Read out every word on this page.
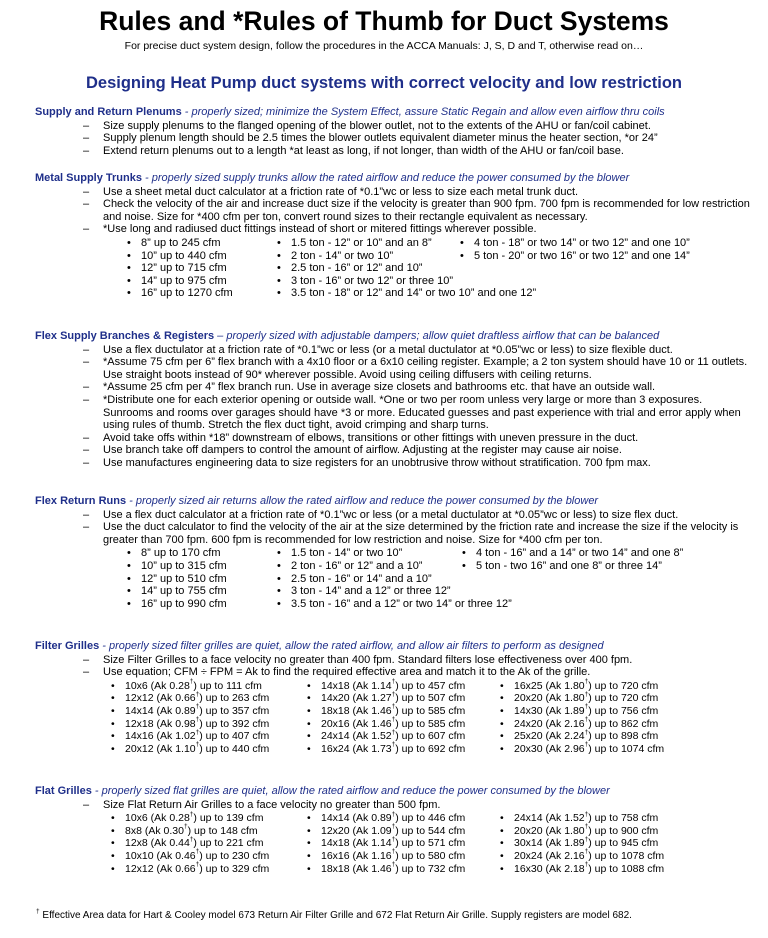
Rules and *Rules of Thumb for Duct Systems
For precise duct system design, follow the procedures in the ACCA Manuals: J, S, D and T, otherwise read on…
Designing Heat Pump duct systems with correct velocity and low restriction
Supply and Return Plenums - properly sized; minimize the System Effect, assure Static Regain and allow even airflow thru coils
– Size supply plenums to the flanged opening of the blower outlet, not to the extents of the AHU or fan/coil cabinet.
– Supply plenum length should be 2.5 times the blower outlets equivalent diameter minus the heater section, *or 24”
– Extend return plenums out to a length *at least as long, if not longer, than width of the AHU or fan/coil base.
Metal Supply Trunks - properly sized supply trunks allow the rated airflow and reduce the power consumed by the blower
– Use a sheet metal duct calculator at a friction rate of *0.1”wc or less to size each metal trunk duct.
– Check the velocity of the air and increase duct size if the velocity is greater than 900 fpm. 700 fpm is recommended for low restriction and noise. Size for *400 cfm per ton, convert round sizes to their rectangle equivalent as necessary.
– *Use long and radiused duct fittings instead of short or mitered fittings wherever possible.
• 8” up to 245 cfm
• 10” up to 440 cfm
• 12” up to 715 cfm
• 14” up to 975 cfm
• 16” up to 1270 cfm
• 1.5 ton - 12” or 10” and an 8”
• 2 ton - 14” or two 10”
• 2.5 ton - 16” or 12” and 10”
• 3 ton - 16” or two 12” or three 10”
• 3.5 ton - 18” or 12” and 14” or two 10” and one 12”
• 4 ton - 18” or two 14” or two 12” and one 10”
• 5 ton - 20” or two 16” or two 12” and one 14”
Flex Supply Branches & Registers – properly sized with adjustable dampers; allow quiet draftless airflow that can be balanced
– Use a flex ductulator at a friction rate of *0.1”wc or less (or a metal ductulator at *0.05”wc or less) to size flexible duct.
– *Assume 75 cfm per 6” flex branch with a 4x10 floor or a 6x10 ceiling register. Example; a 2 ton system should have 10 or 11 outlets. Use straight boots instead of 90* wherever possible. Avoid using ceiling diffusers with ceiling returns.
– *Assume 25 cfm per 4” flex branch run. Use in average size closets and bathrooms etc. that have an outside wall.
– *Distribute one for each exterior opening or outside wall. *One or two per room unless very large or more than 3 exposures. Sunrooms and rooms over garages should have *3 or more. Educated guesses and past experience with trial and error apply when using rules of thumb. Stretch the flex duct tight, avoid crimping and sharp turns.
– Avoid take offs within *18” downstream of elbows, transitions or other fittings with uneven pressure in the duct.
– Use branch take off dampers to control the amount of airflow. Adjusting at the register may cause air noise.
– Use manufactures engineering data to size registers for an unobtrusive throw without stratification. 700 fpm max.
Flex Return Runs - properly sized air returns allow the rated airflow and reduce the power consumed by the blower
– Use a flex duct calculator at a friction rate of *0.1”wc or less (or a metal ductulator at *0.05”wc or less) to size flex duct.
– Use the duct calculator to find the velocity of the air at the size determined by the friction rate and increase the size if the velocity is greater than 700 fpm. 600 fpm is recommended for low restriction and noise. Size for *400 cfm per ton.
• 8” up to 170 cfm
• 10” up to 315 cfm
• 12” up to 510 cfm
• 14” up to 755 cfm
• 16” up to 990 cfm
• 1.5 ton - 14” or two 10”
• 2 ton - 16” or 12” and a 10”
• 2.5 ton - 16” or 14” and a 10”
• 3 ton - 14” and a 12” or three 12”
• 3.5 ton - 16” and a 12” or two 14” or three 12”
• 4 ton - 16” and a 14” or two 14” and one 8”
• 5 ton - two 16” and one 8” or three 14”
Filter Grilles - properly sized filter grilles are quiet, allow the rated airflow, and allow air filters to perform as designed
– Size Filter Grilles to a face velocity no greater than 400 fpm. Standard filters lose effectiveness over 400 fpm.
– Use equation; CFM ÷ FPM = Ak to find the required effective area and match it to the Ak of the grille.
• 10x6 (Ak 0.28†) up to 111 cfm
• 12x12 (Ak 0.66†) up to 263 cfm
• 14x14 (Ak 0.89†) up to 357 cfm
• 12x18 (Ak 0.98†) up to 392 cfm
• 14x16 (Ak 1.02†) up to 407 cfm
• 20x12 (Ak 1.10†) up to 440 cfm
• 14x18 (Ak 1.14†) up to 457 cfm
• 14x20 (Ak 1.27†) up to 507 cfm
• 18x18 (Ak 1.46†) up to 585 cfm
• 20x16 (Ak 1.46†) up to 585 cfm
• 24x14 (Ak 1.52†) up to 607 cfm
• 16x24 (Ak 1.73†) up to 692 cfm
• 16x25 (Ak 1.80†) up to 720 cfm
• 20x20 (Ak 1.80†) up to 720 cfm
• 14x30 (Ak 1.89†) up to 756 cfm
• 24x20 (Ak 2.16†) up to 862 cfm
• 25x20 (Ak 2.24†) up to 898 cfm
• 20x30 (Ak 2.96†) up to 1074 cfm
Flat Grilles - properly sized flat grilles are quiet, allow the rated airflow and reduce the power consumed by the blower
– Size Flat Return Air Grilles to a face velocity no greater than 500 fpm.
• 10x6 (Ak 0.28†) up to 139 cfm
• 8x8 (Ak 0.30†) up to 148 cfm
• 12x8 (Ak 0.44†) up to 221 cfm
• 10x10 (Ak 0.46†) up to 230 cfm
• 12x12 (Ak 0.66†) up to 329 cfm
• 14x14 (Ak 0.89†) up to 446 cfm
• 12x20 (Ak 1.09†) up to 544 cfm
• 14x18 (Ak 1.14†) up to 571 cfm
• 16x16 (Ak 1.16†) up to 580 cfm
• 18x18 (Ak 1.46†) up to 732 cfm
• 24x14 (Ak 1.52†) up to 758 cfm
• 20x20 (Ak 1.80†) up to 900 cfm
• 30x14 (Ak 1.89†) up to 945 cfm
• 20x24 (Ak 2.16†) up to 1078 cfm
• 16x30 (Ak 2.18†) up to 1088 cfm
† Effective Area data for Hart & Cooley model 673 Return Air Filter Grille and 672 Flat Return Air Grille. Supply registers are model 682.
